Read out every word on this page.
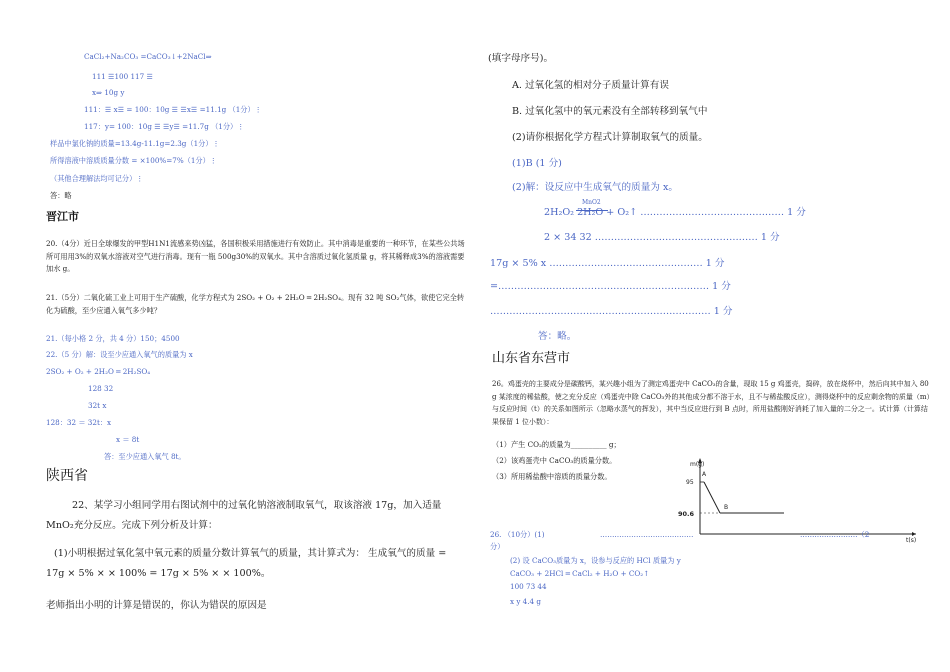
CaCl₂+Na₂CO₃ =CaCO₃↓+2NaCl⇒
111 ☰100 117 ☰
x⇒ 10g y
111：☰ x☰ = 100：10g ☰ ☰x☰ =11.1g （1分）⋮
117：y= 100：10g ☰ ☰y☰ =11.7g （1分）⋮
样品中氯化钠的质量=13.4g-11.1g=2.3g（1分）⋮
所得溶液中溶质质量分数 = ×100%=7%（1分）⋮
（其他合理解法均可记分）⋮
答：略
晋江市
20.（4分）近日全球爆发的甲型H1N1流感来势凶猛，各国积极采用措施进行有效防止。其中消毒是重要的一种环节，在某些公共场所可用用3%的双氧水溶液对空气进行消毒。现有一瓶 500g30%的双氧水。其中含溶质过氧化氢质量 g，将其稀释成3%的溶液需要加水 g。
21.（5分）二氧化硫工业上可用于生产硫酸，化学方程式为 2SO₂ + O₂ + 2H₂O ═ 2H₂SO₄。现有 32 吨 SO₂气体，欲使它完全转化为硫酸，至少应通入氧气多少吨？
21.（每小格 2 分，共 4 分）150；4500
22.（5 分）解：设至少应通入氧气的质量为 x
2SO₂ + O₂ + 2H₂O ═ 2H₂SO₄
128 32
32t x
128：32 ＝ 32t：x
x ＝ 8t
答：至少应通入氧气 8t。
陕西省
22、某学习小组同学用右图试剂中的过氧化钠溶液制取氧气，取该溶液 17g，加入适量 MnO₂充分反应。完成下列分析及计算：
(1)小明根据过氧化氢中氧元素的质量分数计算氧气的质量，其计算式为： 生成氧气的质量 = 17g × 5% × × 100% = 17g × 5% × × 100%。
老师指出小明的计算是错误的，你认为错误的原因是
(填字母序号)。
A. 过氧化氢的相对分子质量计算有误
B. 过氧化氢中的氧元素没有全部转移到氧气中
(2)请你根据化学方程式计算制取氧气的质量。
(1)B (1 分)
(2)解：设反应中生成氧气的质量为 x。
MnO2
2H₂O₂ 2H₂O + O₂↑ ……………………………………… 1 分
2 × 34 32 …………………………………………… 1 分
17g × 5% x ………………………………………… 1 分
=………………………………………………………… 1 分
…………………………………………………………… 1 分
答：略。
山东省东营市
26。鸡蛋壳的主要成分是碳酸钙，某兴趣小组为了测定鸡蛋壳中 CaCO₃的含量，现取 15 g 鸡蛋壳，捣碎，放在烧杯中，然后向其中加入 80 g 某浓度的稀盐酸，使之充分反应（鸡蛋壳中除 CaCO₃外的其他成分都不溶于水，且不与稀盐酸反应），测得烧杯中的反应剩余物的质量（m）与反应时间（t）的关系如图所示（忽略水蒸气的挥发），其中当反应进行到 B 点时，所用盐酸刚好消耗了加入量的二分之一。试计算（计算结果保留 1 位小数）：
（1）产生 CO₂的质量为__________ g；
（2）该鸡蛋壳中 CaCO₃的质量分数。
（3）所用稀盐酸中溶质的质量分数。
m(g)
t(s)
95
90.6
A
B
26. （10分）(1)	…………………………………	……………………（2
分）
(2) 设 CaCO₃质量为 x，设参与反应的 HCl 质量为 y
CaCO₃ + 2HCl ═ CaCl₂ + H₂O + CO₂↑
100 73 44
x y 4.4 g
